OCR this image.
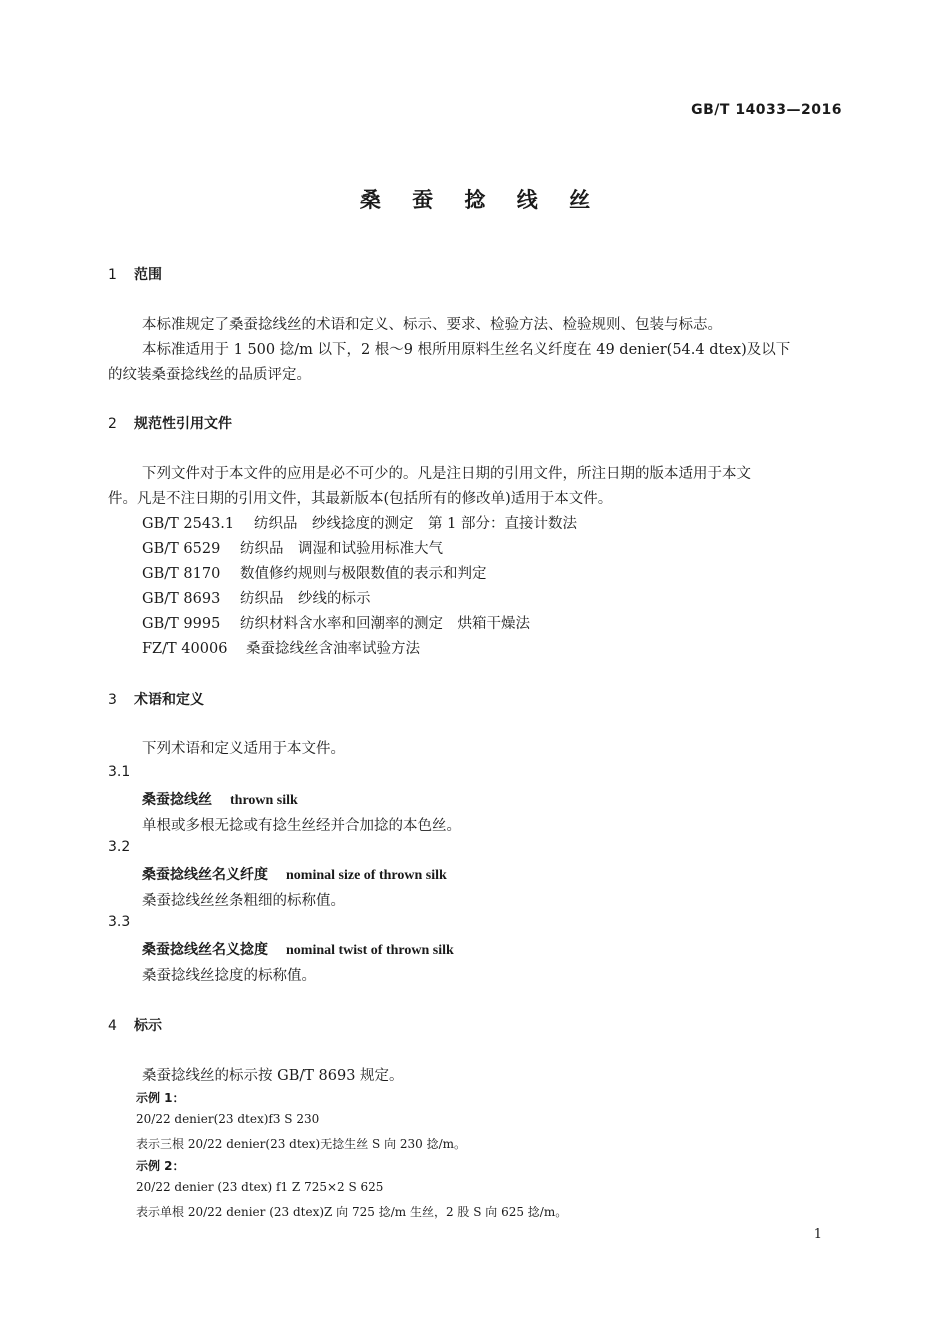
GB/T 14033—2016
桑 蚕 捻 线 丝
1 范围
本标准规定了桑蚕捻线丝的术语和定义、标示、要求、检验方法、检验规则、包装与标志。
本标准适用于 1 500 捻/m 以下，2 根～9 根所用原料生丝名义纤度在 49 denier(54.4 dtex)及以下
的纹装桑蚕捻线丝的品质评定。
2 规范性引用文件
下列文件对于本文件的应用是必不可少的。凡是注日期的引用文件，所注日期的版本适用于本文
件。凡是不注日期的引用文件，其最新版本(包括所有的修改单)适用于本文件。
GB/T 2543.1 纺织品　纱线捻度的测定　第 1 部分：直接计数法
GB/T 6529 纺织品　调湿和试验用标准大气
GB/T 8170 数值修约规则与极限数值的表示和判定
GB/T 8693 纺织品　纱线的标示
GB/T 9995 纺织材料含水率和回潮率的测定　烘箱干燥法
FZ/T 40006 桑蚕捻线丝含油率试验方法
3 术语和定义
下列术语和定义适用于本文件。
3.1
桑蚕捻线丝 thrown silk
单根或多根无捻或有捻生丝经并合加捻的本色丝。
3.2
桑蚕捻线丝名义纤度 nominal size of thrown silk
桑蚕捻线丝丝条粗细的标称值。
3.3
桑蚕捻线丝名义捻度 nominal twist of thrown silk
桑蚕捻线丝捻度的标称值。
4 标示
桑蚕捻线丝的标示按 GB/T 8693 规定。
示例 1：
20/22 denier(23 dtex)f3 S 230
表示三根 20/22 denier(23 dtex)无捻生丝 S 向 230 捻/m。
示例 2：
20/22 denier (23 dtex) f1 Z 725×2 S 625
表示单根 20/22 denier (23 dtex)Z 向 725 捻/m 生丝，2 股 S 向 625 捻/m。
1
